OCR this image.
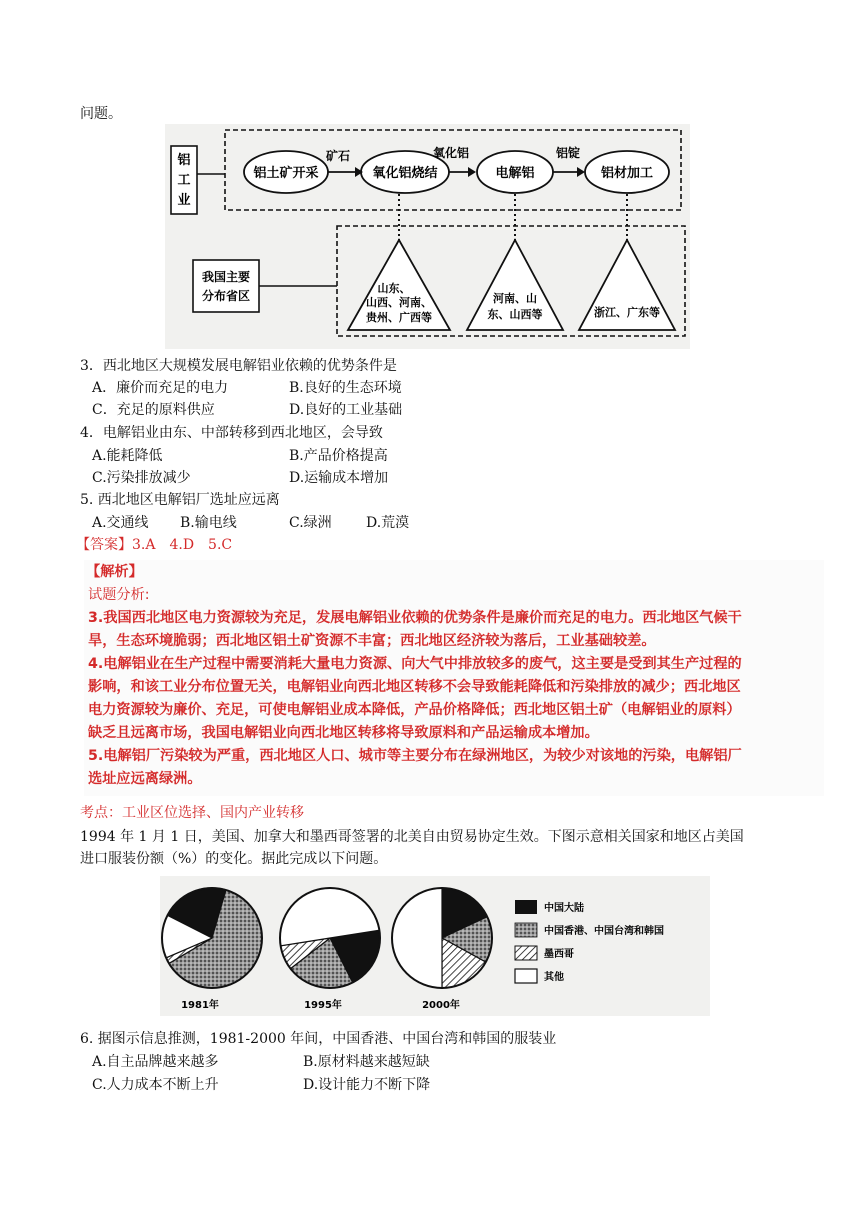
问题。
铝
工
业
铝土矿开采	氧化铝烧结	电解铝	铝材加工
矿石	氧化铝	铝锭
我国主要
分布省区
山东、
山西、河南、
贵州、广西等
河南、山
东、山西等	浙江、广东等
3．西北地区大规模发展电解铝业依赖的优势条件是
A．廉价而充足的电力	B.良好的生态环境
C．充足的原料供应	D.良好的工业基础
4．电解铝业由东、中部转移到西北地区，会导致
A.能耗降低	B.产品价格提高
C.污染排放减少	D.运输成本增加
5. 西北地区电解铝厂选址应远离
A.交通线 B.输电线	C.绿洲 D.荒漠
【答案】3.A　4.D　5.C
【解析】
试题分析:
3.我国西北地区电力资源较为充足，发展电解铝业依赖的优势条件是廉价而充足的电力。西北地区气候干
旱，生态环境脆弱；西北地区铝土矿资源不丰富；西北地区经济较为落后，工业基础较差。
4.电解铝业在生产过程中需要消耗大量电力资源、向大气中排放较多的废气，这主要是受到其生产过程的
影响，和该工业分布位置无关，电解铝业向西北地区转移不会导致能耗降低和污染排放的减少；西北地区
电力资源较为廉价、充足，可使电解铝业成本降低，产品价格降低；西北地区铝土矿（电解铝业的原料）
缺乏且远离市场，我国电解铝业向西北地区转移将导致原料和产品运输成本增加。
5.电解铝厂污染较为严重，西北地区人口、城市等主要分布在绿洲地区，为较少对该地的污染，电解铝厂
选址应远离绿洲。
考点：工业区位选择、国内产业转移
1994 年 1 月 1 日，美国、加拿大和墨西哥签署的北美自由贸易协定生效。下图示意相关国家和地区占美国
进口服装份额（%）的变化。据此完成以下问题。
1981年	1995年	2000年
中国大陆
中国香港、中国台湾和韩国
墨西哥
其他
6. 据图示信息推测，1981-2000 年间，中国香港、中国台湾和韩国的服装业
A.自主品牌越来越多	B.原材料越来越短缺
C.人力成本不断上升	D.设计能力不断下降
